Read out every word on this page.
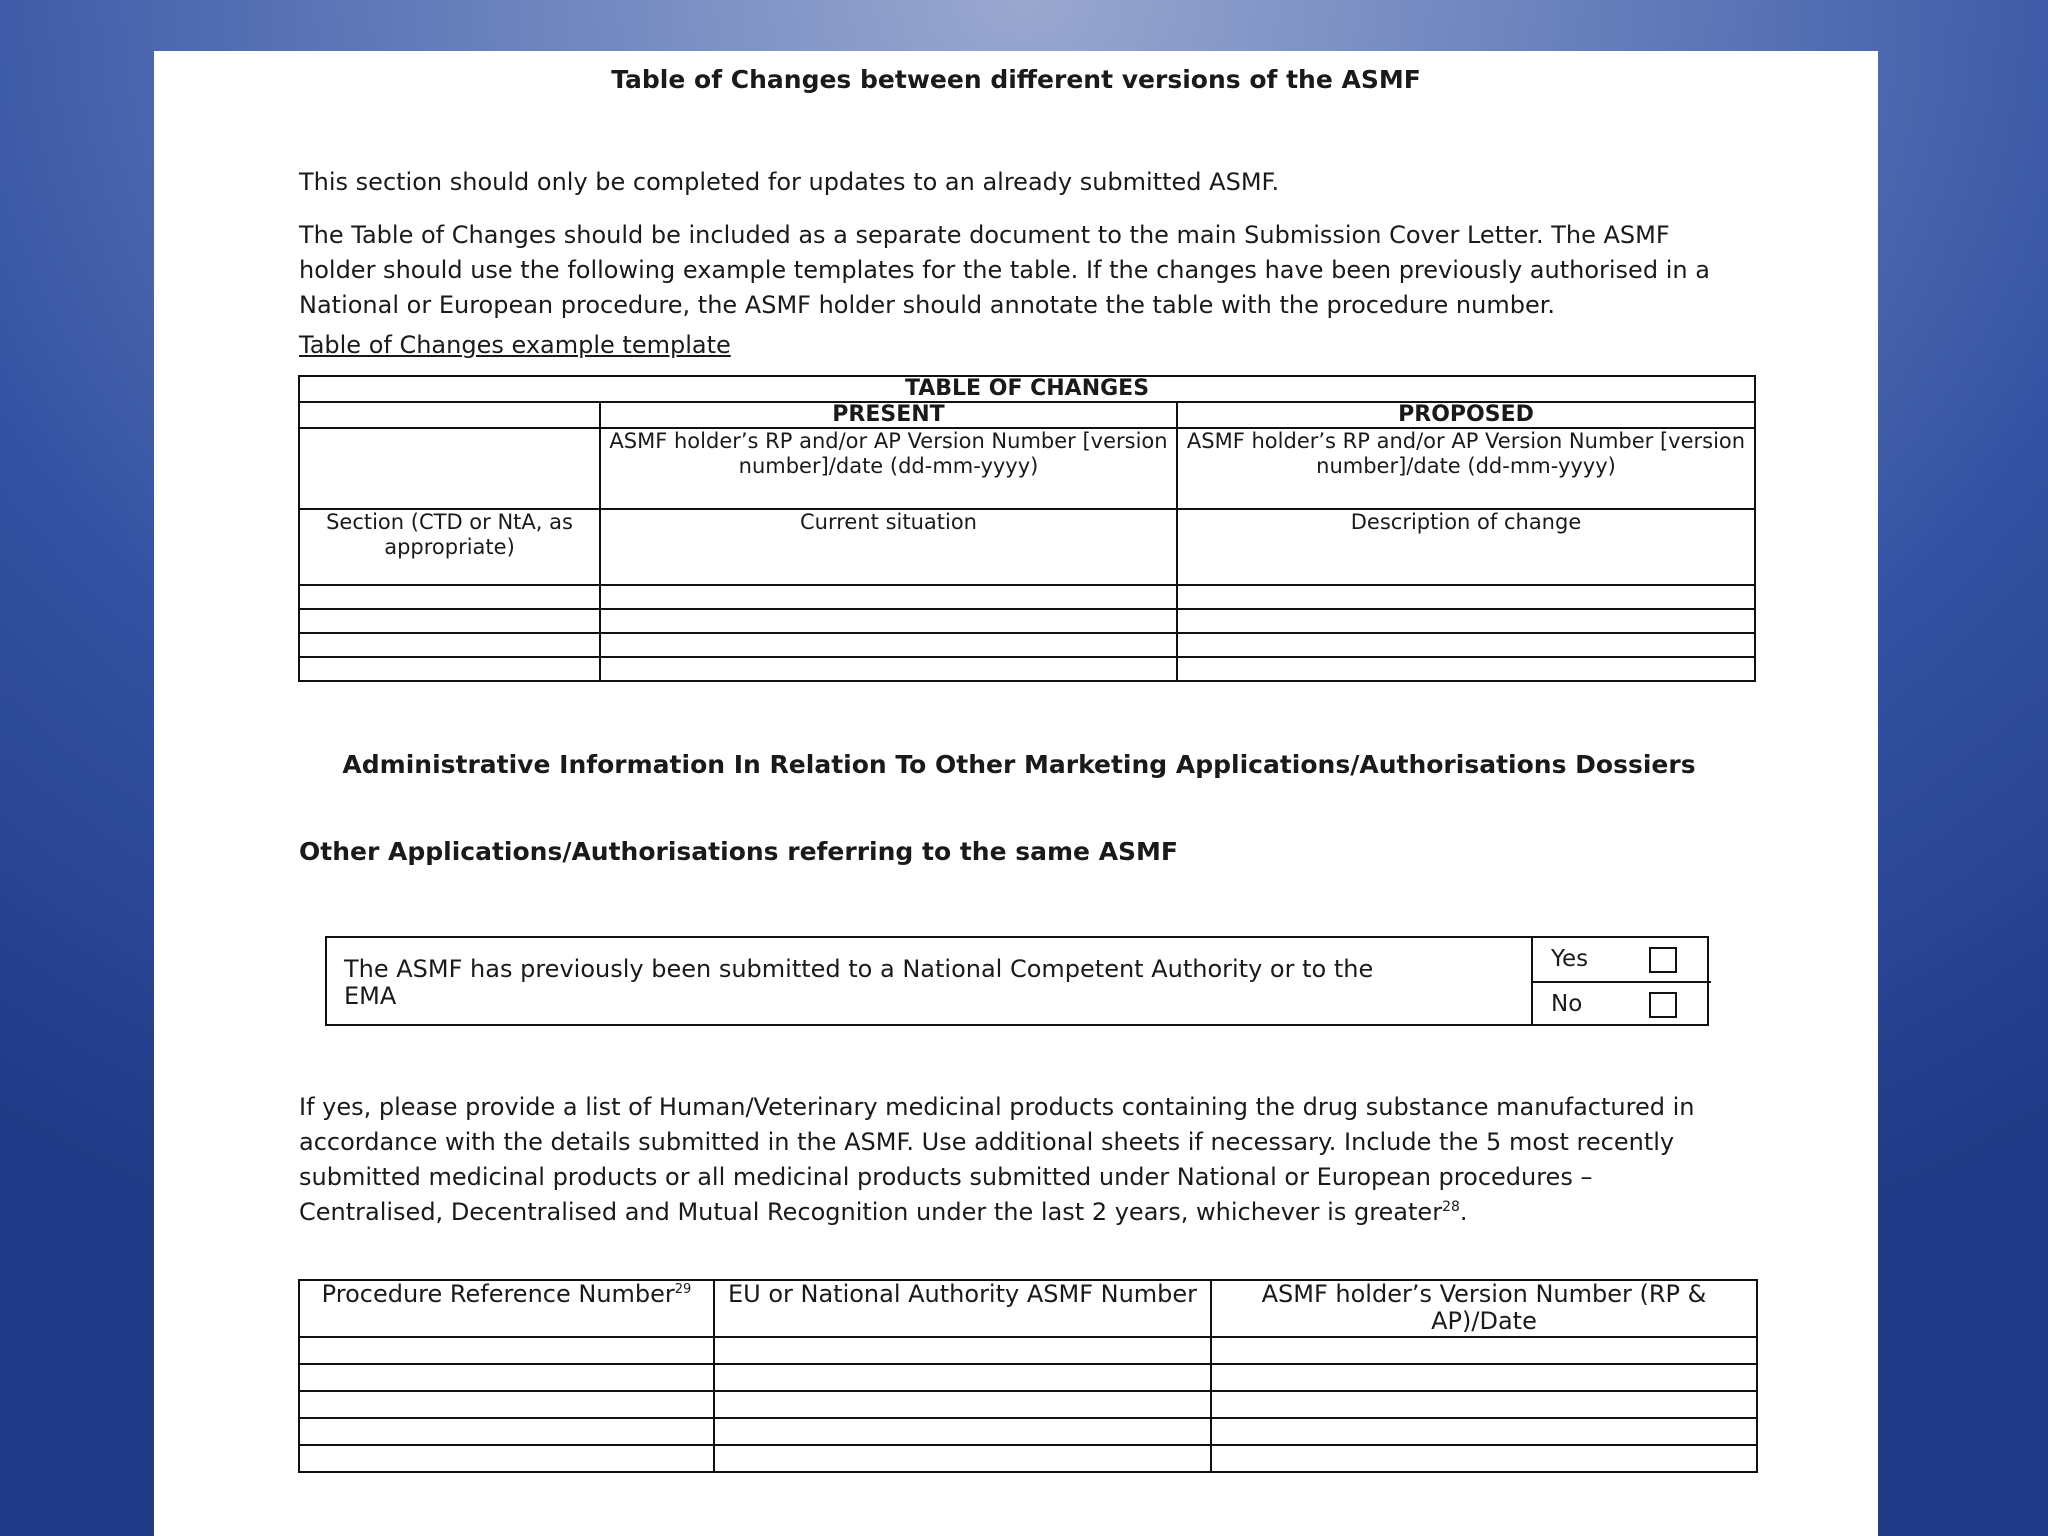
Table of Changes between different versions of the ASMF

This section should only be completed for updates to an already submitted ASMF.

The Table of Changes should be included as a separate document to the main Submission Cover Letter. The ASMF holder should use the following example templates for the table. If the changes have been previously authorised in a National or European procedure, the ASMF holder should annotate the table with the procedure number.

Table of Changes example template

TABLE OF CHANGES		
	PRESENT	PROPOSED
	ASMF holder’s RP and/or AP Version Number [version number]/date (dd-mm-yyyy)	ASMF holder’s RP and/or AP Version Number [version number]/date (dd-mm-yyyy)
Section (CTD or NtA, as appropriate)	Current situation	Description of change

Administrative Information In Relation To Other Marketing Applications/Authorisations Dossiers
Other Applications/Authorisations referring to the same ASMF
The ASMF has previously been submitted to a National Competent Authority or to the EMA
Yes
No

If yes, please provide a list of Human/Veterinary medicinal products containing the drug substance manufactured in accordance with the details submitted in the ASMF. Use additional sheets if necessary. Include the 5 most recently submitted medicinal products or all medicinal products submitted under National or European procedures – Centralised, Decentralised and Mutual Recognition under the last 2 years, whichever is greater$^{28}$.

Procedure Reference Number$^{29}$	EU or National Authority ASMF Number	ASMF holder’s Version Number (RP & AP)/Date
